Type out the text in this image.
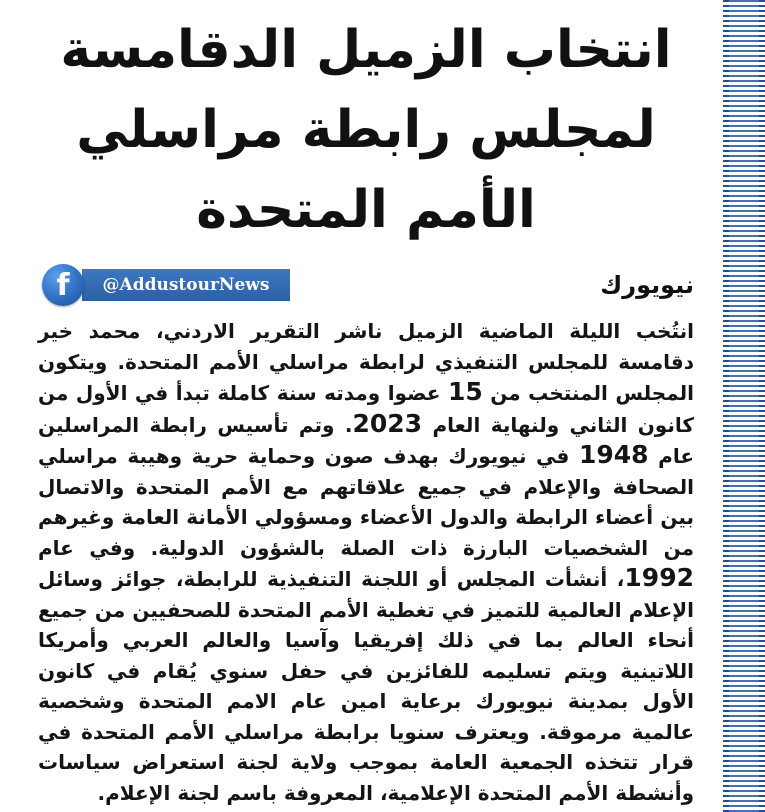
انتخاب الزميل الدقامسة لمجلس رابطة مراسلي الأمم المتحدة
نيويورك
@AddustourNews
f

انتُخب الليلة الماضية الزميل ناشر التقرير الاردني، محمد خير دقامسة للمجلس التنفيذي لرابطة مراسلي الأمم المتحدة. ويتكون المجلس المنتخب من 15 عضوا ومدته سنة كاملة تبدأ في الأول من كانون الثاني ولنهاية العام 2023. وتم تأسيس رابطة المراسلين عام 1948 في نيويورك بهدف صون وحماية حرية وهيبة مراسلي الصحافة والإعلام في جميع علاقاتهم مع الأمم المتحدة والاتصال بين أعضاء الرابطة والدول الأعضاء ومسؤولي الأمانة العامة وغيرهم من الشخصيات البارزة ذات الصلة بالشؤون الدولية. وفي عام 1992، أنشأت المجلس أو اللجنة التنفيذية للرابطة، جوائز وسائل الإعلام العالمية للتميز في تغطية الأمم المتحدة للصحفيين من جميع أنحاء العالم بما في ذلك إفريقيا وآسيا والعالم العربي وأمريكا اللاتينية ويتم تسليمه للفائزين في حفل سنوي يُقام في كانون الأول بمدينة نيويورك برعاية امين عام الامم المتحدة وشخصية عالمية مرموقة. ويعترف سنويا برابطة مراسلي الأمم المتحدة في قرار تتخذه الجمعية العامة بموجب ولاية لجنة استعراض سياسات وأنشطة الأمم المتحدة الإعلامية، المعروفة باسم لجنة الإعلام.
